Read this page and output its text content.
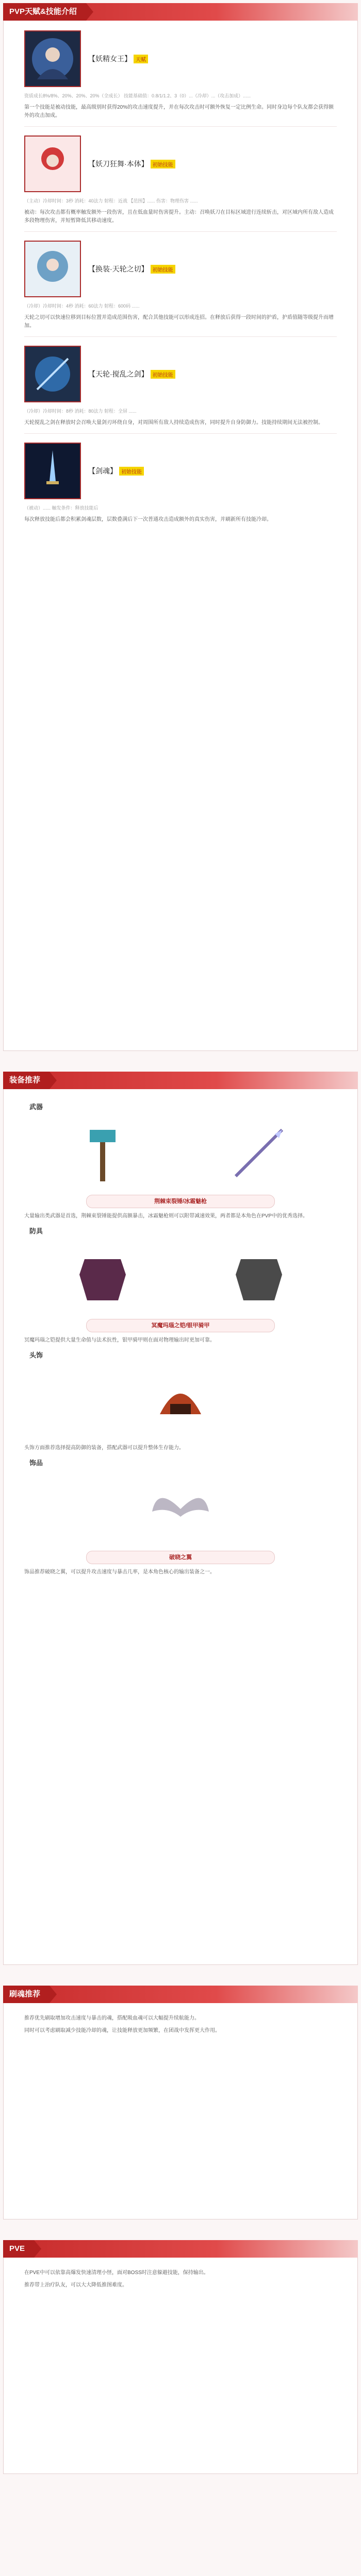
PVP天赋&技能介绍
【妖精女王】 天赋
资质成长8%/8%、20%、20%、20%（全成长） 技能基础值：0.8/1/1.2、3（0）...（冷却）...（攻击加成）......
第一个技能是被动技能，最高级别时获得20%的攻击速度提升，并在每次攻击时可额外恢复一定比例生命。同时身边每个队友都会获得额外的攻击加成。
【妖刀狂舞·本体】 初始技能
（主动）冷却时间：3秒 消耗：40法力 射程：近战 【范围】...... 伤害：物理伤害 ......
被动：每次攻击都有概率触发额外一段伤害，且在低血量时伤害提升。主动：召唤妖刀在目标区域进行连续斩击，对区域内所有敌人造成多段物理伤害，并短暂降低其移动速度。
【换装·天轮之切】 初始技能
（冷却）冷却时间：4秒 消耗：60法力 射程：600码 ......
天轮之切可以快速位移到目标位置并造成范围伤害，配合其他技能可以形成连招。在释放后获得一段时间的护盾，护盾值随等级提升而增加。
【天轮·搅乱之剑】 初始技能
（冷却）冷却时间：8秒 消耗：80法力 射程：全屏 ......
天轮搅乱之剑在释放时会召唤大量剑刃环绕自身，对周围所有敌人持续造成伤害，同时提升自身防御力。技能持续期间无法被控制。
【剑魂】 初始技能
（被动）...... 触发条件：释放技能后
每次释放技能后都会积累剑魂层数，层数叠满后下一次普通攻击造成额外的真实伤害，并刷新所有技能冷却。
装备推荐
武器
荆棘束裂锤/冰霜魅枪
大量输出类武器是首选，荆棘束裂锤能提供高额暴击，冰霜魅枪则可以附带减速效果，两者都是本角色在PVP中的优秀选择。
防具
冥魔玛瑙之铠/银甲骑甲
冥魔玛瑙之铠提供大量生命值与法术抗性，银甲骑甲则在面对物理输出时更加可靠。
头饰
头饰方面推荐选择提高防御的装备，搭配武器可以提升整体生存能力。
饰品
破晓之翼
饰品推荐破晓之翼，可以提升攻击速度与暴击几率，是本角色核心的输出装备之一。
刷魂推荐
推荐优先刷取增加攻击速度与暴击的魂，搭配吸血魂可以大幅提升续航能力。
同时可以考虑刷取减少技能冷却的魂，让技能释放更加频繁，在团战中发挥更大作用。
PVE
在PVE中可以依靠高爆发快速清理小怪，面对BOSS时注意躲避技能，保持输出。
推荐带上治疗队友，可以大大降低推图难度。
